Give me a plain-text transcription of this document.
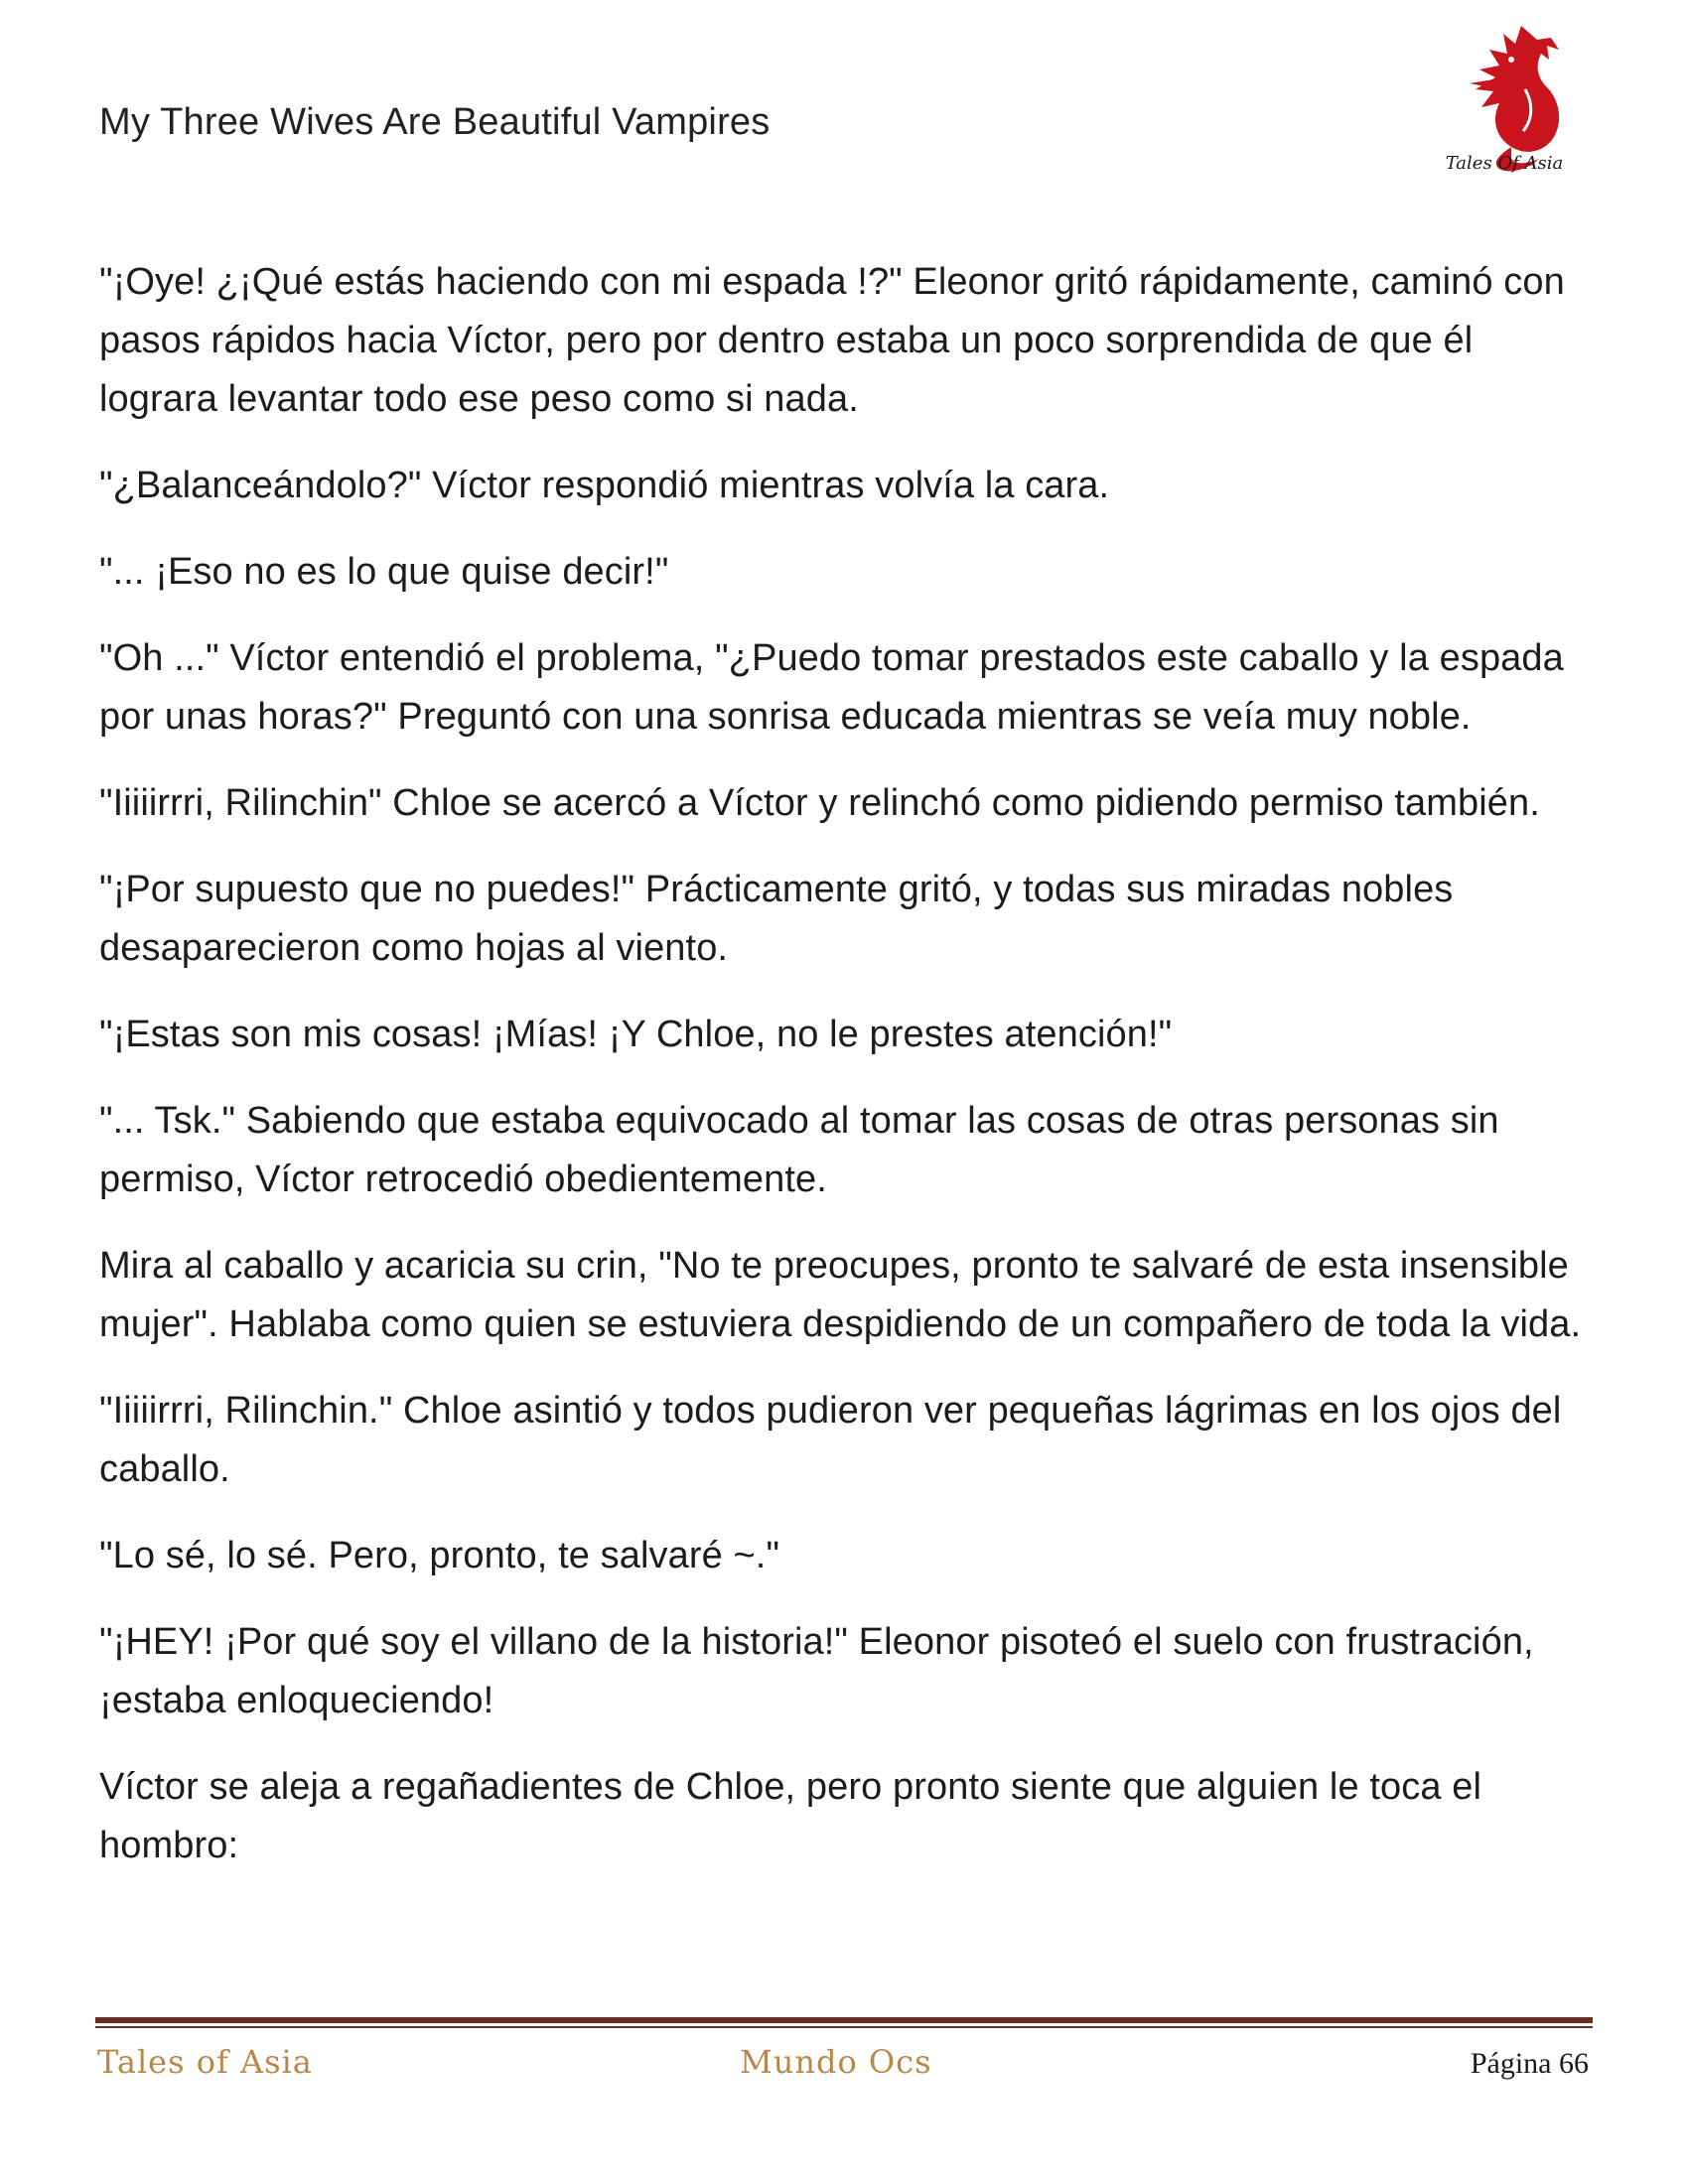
My Three Wives Are Beautiful Vampires
Tales Of Asia

"¡Oye! ¿¡Qué estás haciendo con mi espada !?" Eleonor gritó rápidamente, caminó con pasos rápidos hacia Víctor, pero por dentro estaba un poco sorprendida de que él lograra levantar todo ese peso como si nada.

"¿Balanceándolo?" Víctor respondió mientras volvía la cara.

"... ¡Eso no es lo que quise decir!"

"Oh ..." Víctor entendió el problema, "¿Puedo tomar prestados este caballo y la espada por unas horas?" Preguntó con una sonrisa educada mientras se veía muy noble.

"Iiiiirrri, Rilinchin" Chloe se acercó a Víctor y relinchó como pidiendo permiso también.

"¡Por supuesto que no puedes!" Prácticamente gritó, y todas sus miradas nobles desaparecieron como hojas al viento.

"¡Estas son mis cosas! ¡Mías! ¡Y Chloe, no le prestes atención!"

"... Tsk." Sabiendo que estaba equivocado al tomar las cosas de otras personas sin permiso, Víctor retrocedió obedientemente.

Mira al caballo y acaricia su crin, "No te preocupes, pronto te salvaré de esta insensible mujer". Hablaba como quien se estuviera despidiendo de un compañero de toda la vida.

"Iiiiirrri, Rilinchin." Chloe asintió y todos pudieron ver pequeñas lágrimas en los ojos del caballo.

"Lo sé, lo sé. Pero, pronto, te salvaré ~."

"¡HEY! ¡Por qué soy el villano de la historia!" Eleonor pisoteó el suelo con frustración, ¡estaba enloqueciendo!

Víctor se aleja a regañadientes de Chloe, pero pronto siente que alguien le toca el hombro:

Tales of Asia	Mundo Ocs	Página 66
